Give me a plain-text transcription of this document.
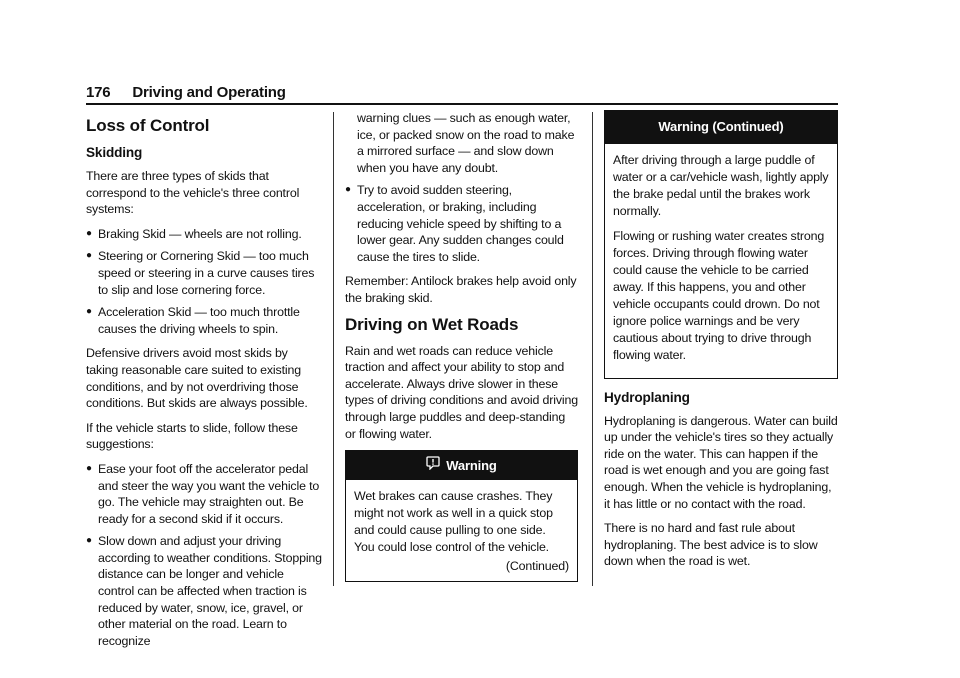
176 Driving and Operating
Loss of Control
Skidding

There are three types of skids that correspond to the vehicle's three control systems:

● Braking Skid — wheels are not rolling.
● Steering or Cornering Skid — too much speed or steering in a curve causes tires to slip and lose cornering force.
● Acceleration Skid — too much throttle causes the driving wheels to spin.

Defensive drivers avoid most skids by taking reasonable care suited to existing conditions, and by not overdriving those conditions. But skids are always possible.

If the vehicle starts to slide, follow these suggestions:

● Ease your foot off the accelerator pedal and steer the way you want the vehicle to go. The vehicle may straighten out. Be ready for a second skid if it occurs.
● Slow down and adjust your driving according to weather conditions. Stopping distance can be longer and vehicle control can be affected when traction is reduced by water, snow, ice, gravel, or other material on the road. Learn to recognize
warning clues — such as enough water, ice, or packed snow on the road to make a mirrored surface — and slow down when you have any doubt.
● Try to avoid sudden steering, acceleration, or braking, including reducing vehicle speed by shifting to a lower gear. Any sudden changes could cause the tires to slide.

Remember: Antilock brakes help avoid only the braking skid.

Driving on Wet Roads

Rain and wet roads can reduce vehicle traction and affect your ability to stop and accelerate. Always drive slower in these types of driving conditions and avoid driving through large puddles and deep-standing or flowing water.

Warning

Wet brakes can cause crashes. They might not work as well in a quick stop and could cause pulling to one side. You could lose control of the vehicle.

(Continued)
Warning (Continued)

After driving through a large puddle of water or a car/vehicle wash, lightly apply the brake pedal until the brakes work normally.

Flowing or rushing water creates strong forces. Driving through flowing water could cause the vehicle to be carried away. If this happens, you and other vehicle occupants could drown. Do not ignore police warnings and be very cautious about trying to drive through flowing water.

Hydroplaning

Hydroplaning is dangerous. Water can build up under the vehicle's tires so they actually ride on the water. This can happen if the road is wet enough and you are going fast enough. When the vehicle is hydroplaning, it has little or no contact with the road.

There is no hard and fast rule about hydroplaning. The best advice is to slow down when the road is wet.
